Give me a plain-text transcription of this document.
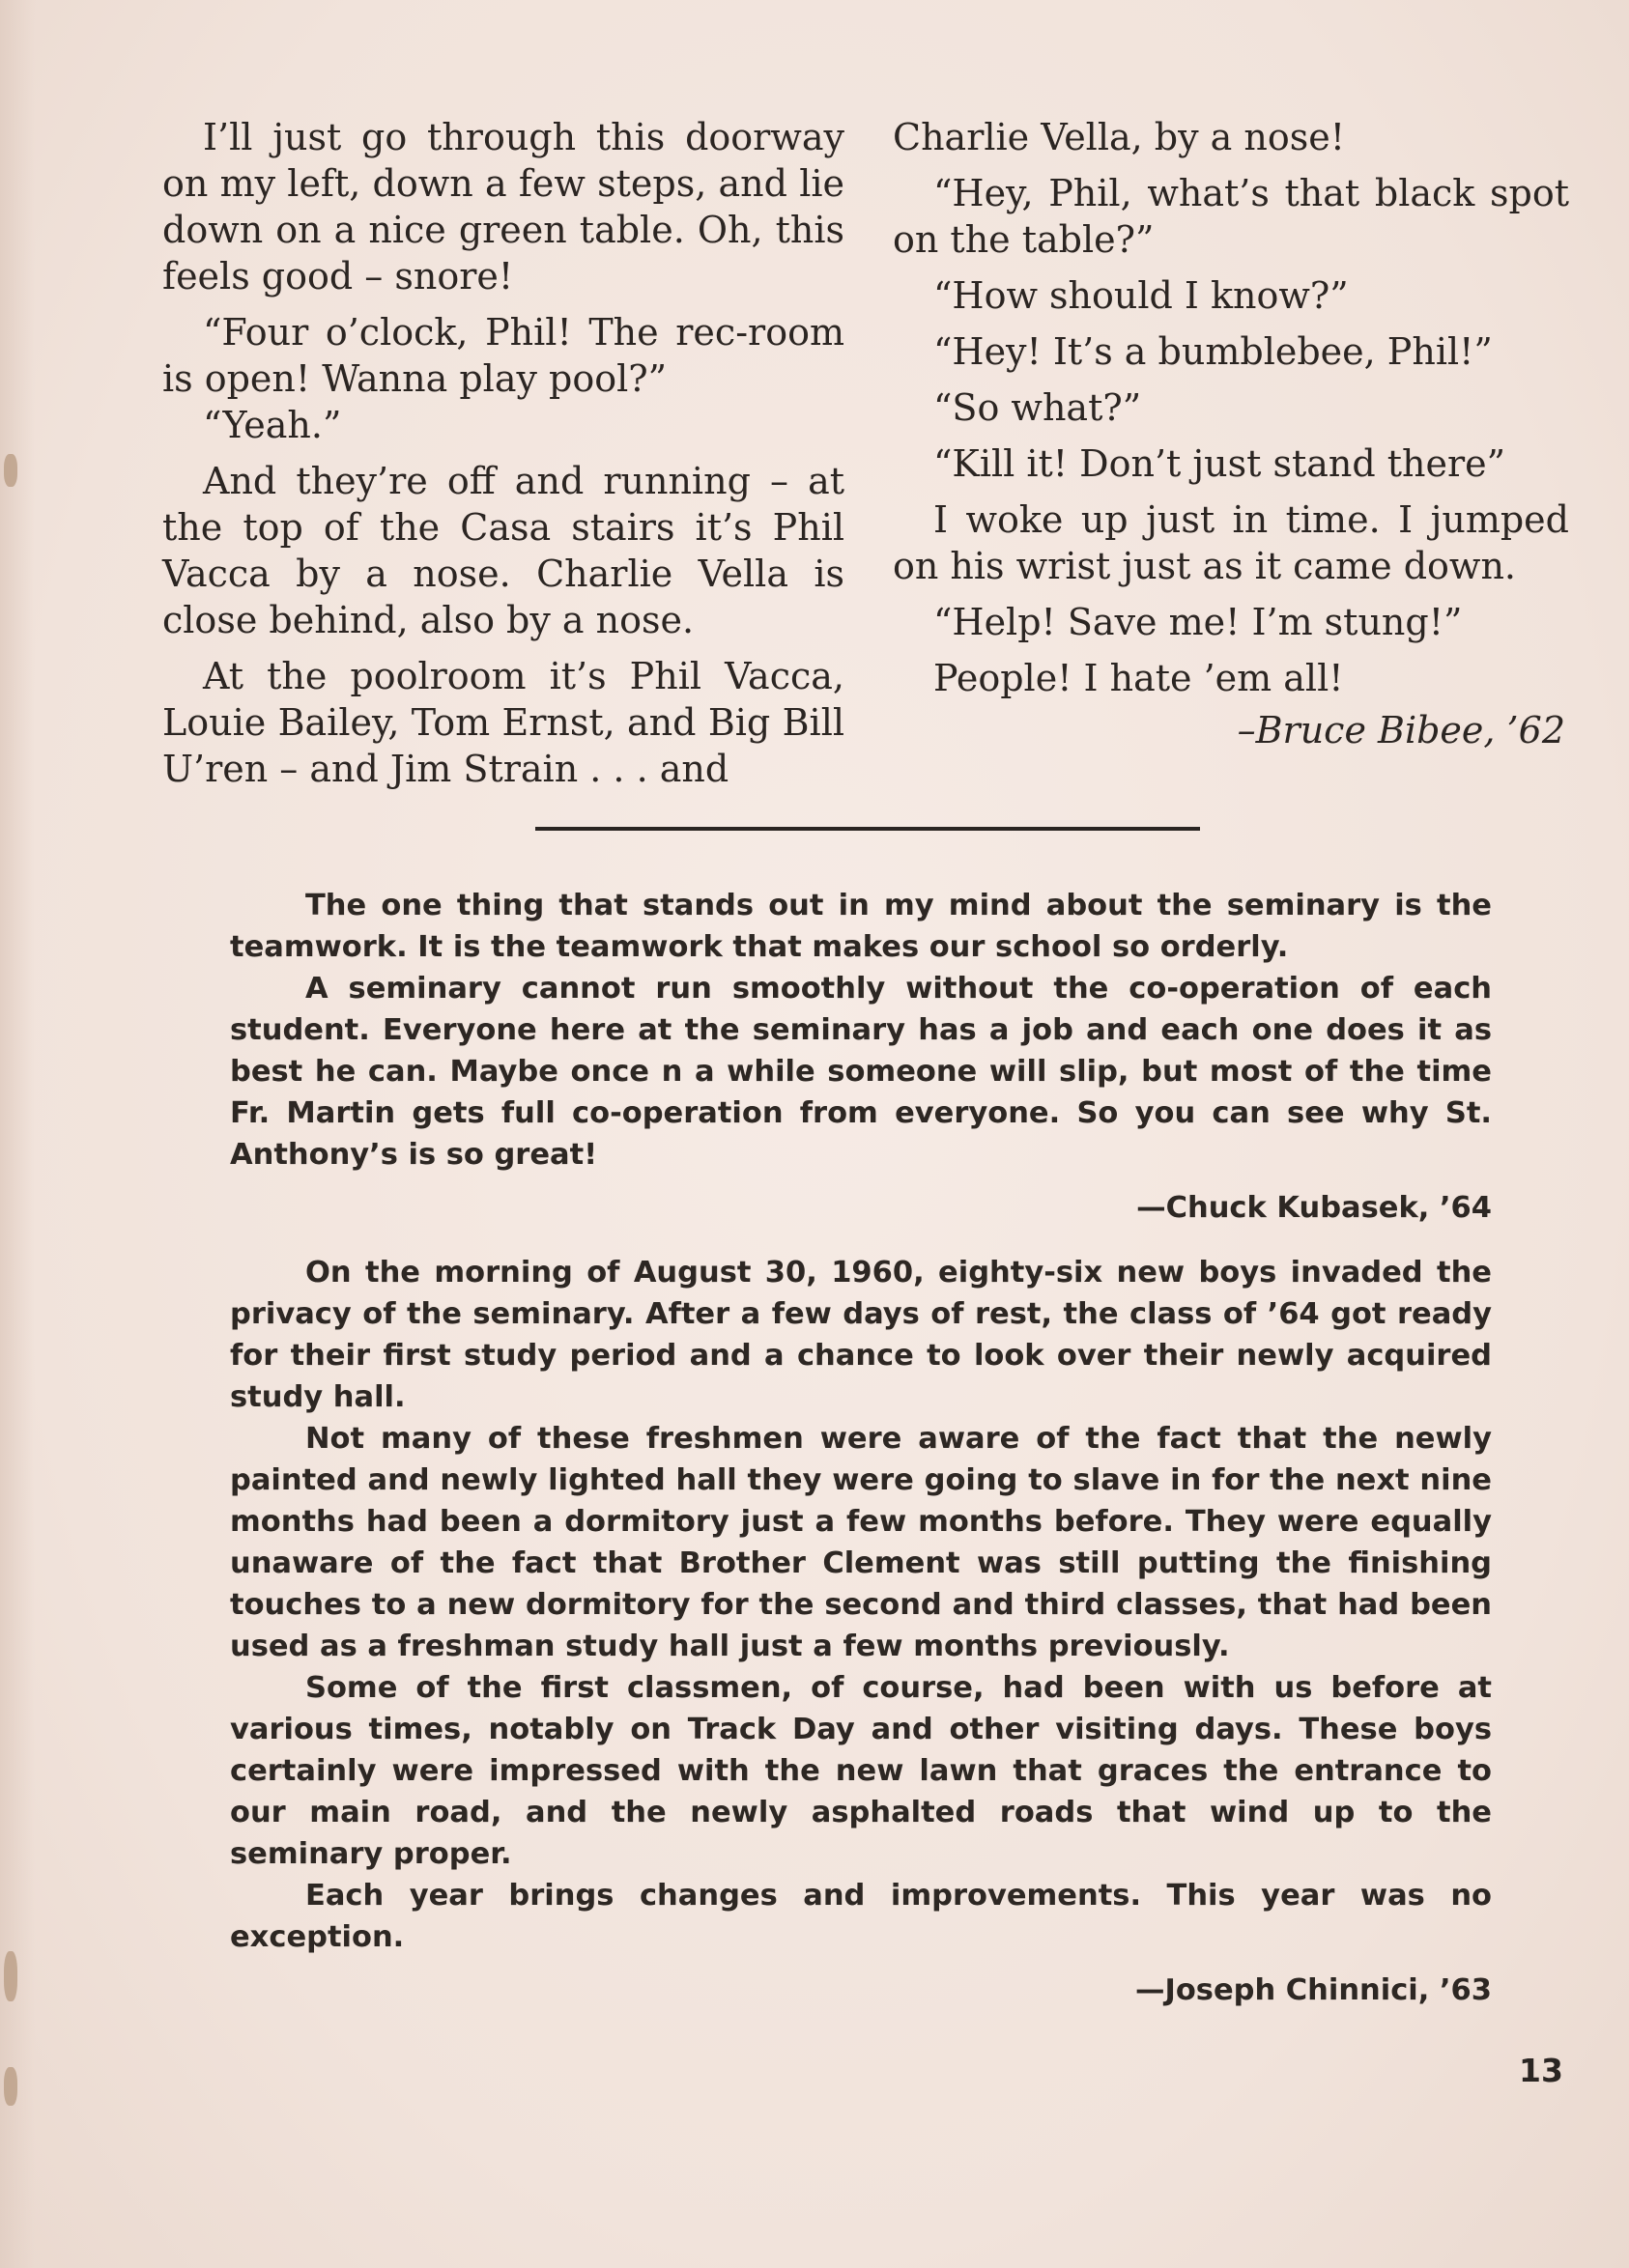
I’ll just go through this doorway on my left, down a few steps, and lie down on a nice green table. Oh, this feels good – snore!

“Four o’clock, Phil! The rec-room is open! Wanna play pool?”

“Yeah.”

And they’re off and running – at the top of the Casa stairs it’s Phil Vacca by a nose. Charlie Vella is close behind, also by a nose.

At the poolroom it’s Phil Vacca, Louie Bailey, Tom Ernst, and Big Bill U’ren – and Jim Strain . . . and

Charlie Vella, by a nose!

“Hey, Phil, what’s that black spot on the table?”

“How should I know?”

“Hey! It’s a bumblebee, Phil!”

“So what?”

“Kill it! Don’t just stand there”

I woke up just in time. I jumped on his wrist just as it came down.

“Help! Save me! I’m stung!”

People! I hate ’em all!

–Bruce Bibee, ’62

The one thing that stands out in my mind about the seminary is the teamwork. It is the teamwork that makes our school so orderly.

A seminary cannot run smoothly without the co-operation of each student. Everyone here at the seminary has a job and each one does it as best he can. Maybe once n a while someone will slip, but most of the time Fr. Martin gets full co-operation from everyone. So you can see why St. Anthony’s is so great!

—Chuck Kubasek, ’64

On the morning of August 30, 1960, eighty-six new boys invaded the privacy of the seminary. After a few days of rest, the class of ’64 got ready for their first study period and a chance to look over their newly acquired study hall.

Not many of these freshmen were aware of the fact that the newly painted and newly lighted hall they were going to slave in for the next nine months had been a dormitory just a few months before. They were equally unaware of the fact that Brother Clement was still putting the finishing touches to a new dormitory for the second and third classes, that had been used as a freshman study hall just a few months previously.

Some of the first classmen, of course, had been with us before at various times, notably on Track Day and other visiting days. These boys certainly were impressed with the new lawn that graces the entrance to our main road, and the newly asphalted roads that wind up to the seminary proper.

Each year brings changes and improvements. This year was no exception.

—Joseph Chinnici, ’63

13
